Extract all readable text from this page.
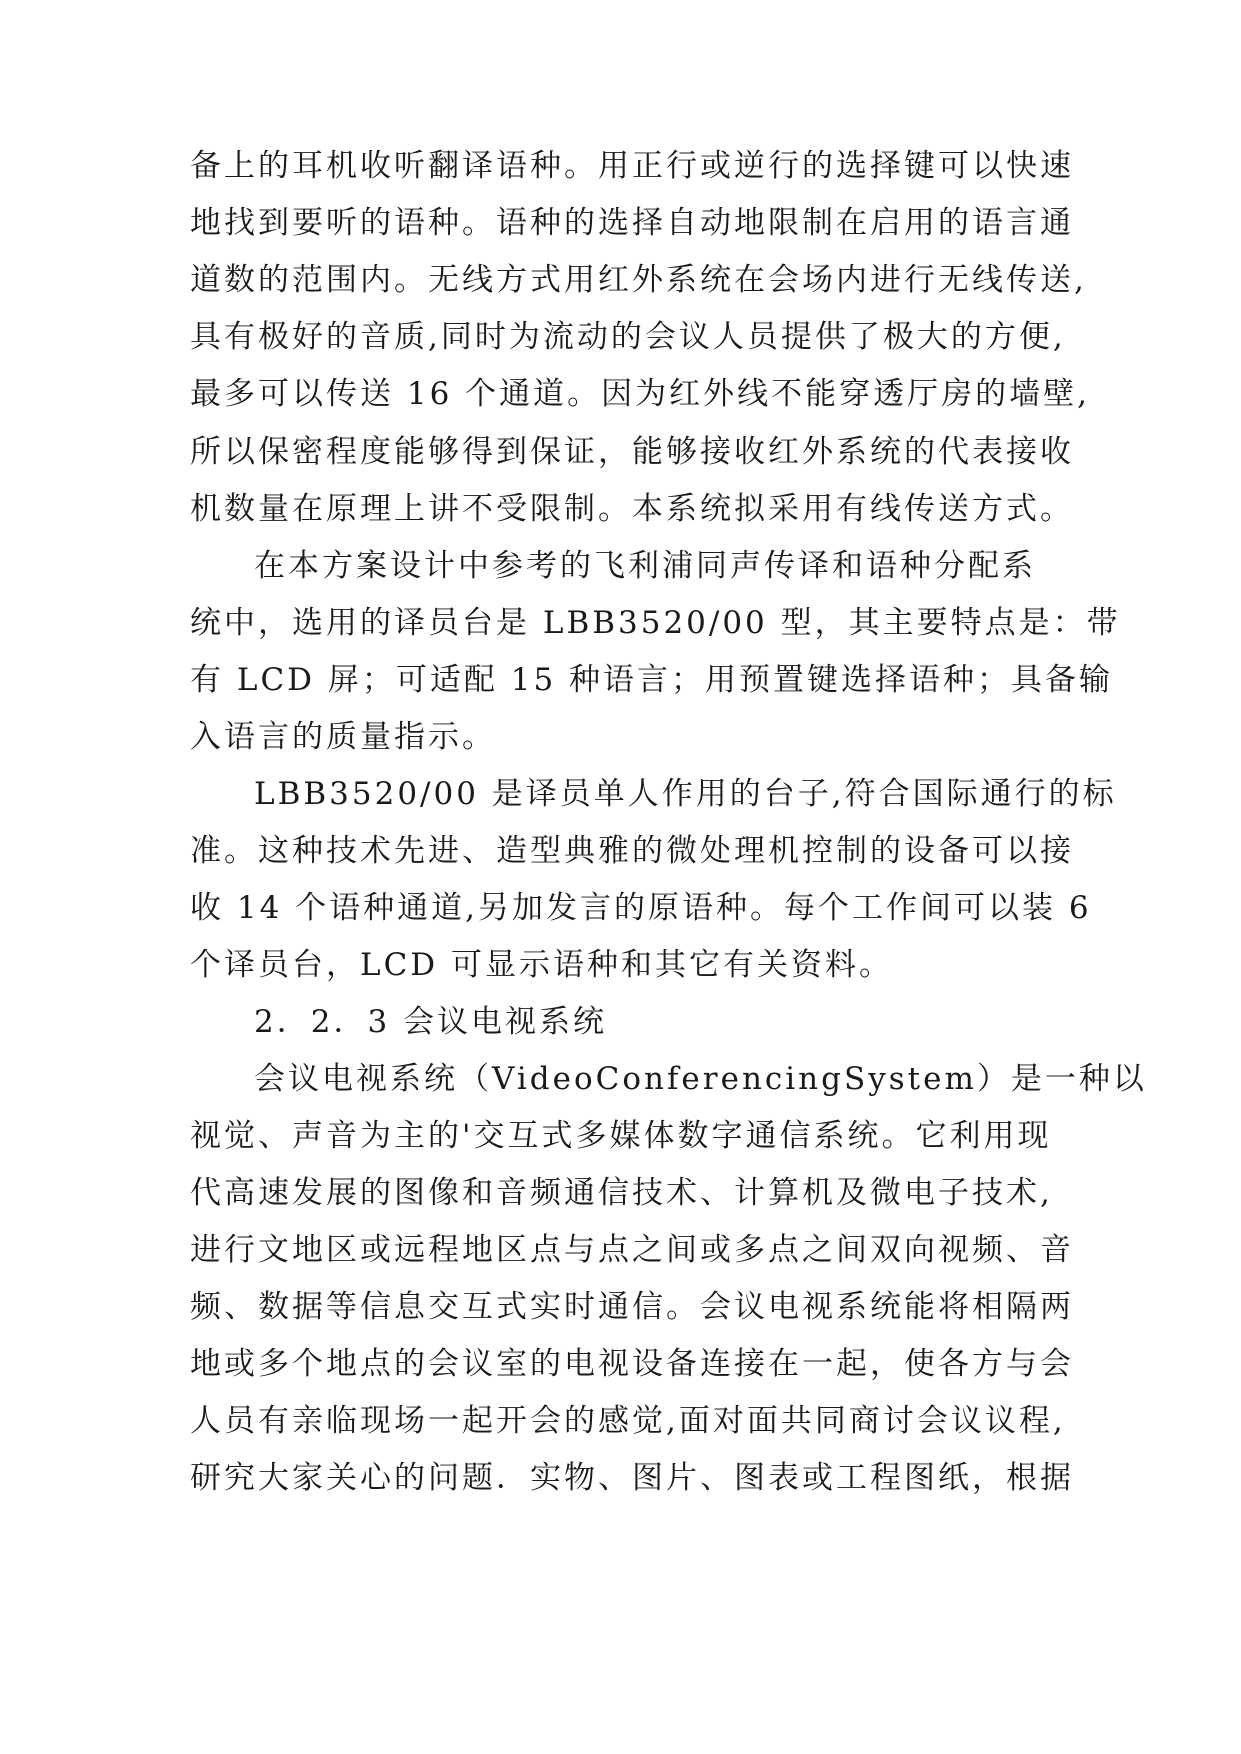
备上的耳机收听翻译语种。用正行或逆行的选择键可以快速

地找到要听的语种。语种的选择自动地限制在启用的语言通

道数的范围内。无线方式用红外系统在会场内进行无线传送,

具有极好的音质,同时为流动的会议人员提供了极大的方便,

最多可以传送 16 个通道。因为红外线不能穿透厅房的墙壁,

所以保密程度能够得到保证，能够接收红外系统的代表接收

机数量在原理上讲不受限制。本系统拟采用有线传送方式。

在本方案设计中参考的飞利浦同声传译和语种分配系

统中，选用的译员台是 LBB3520/00 型，其主要特点是：带

有 LCD 屏；可适配 15 种语言；用预置键选择语种；具备输

入语言的质量指示。

LBB3520/00 是译员单人作用的台子,符合国际通行的标

准。这种技术先进、造型典雅的微处理机控制的设备可以接

收 14 个语种通道,另加发言的原语种。每个工作间可以装 6

个译员台，LCD 可显示语种和其它有关资料。

2．2．3 会议电视系统

会议电视系统（VideoConferencingSystem）是一种以

视觉、声音为主的'交互式多媒体数字通信系统。它利用现

代高速发展的图像和音频通信技术、计算机及微电子技术,

进行文地区或远程地区点与点之间或多点之间双向视频、音

频、数据等信息交互式实时通信。会议电视系统能将相隔两

地或多个地点的会议室的电视设备连接在一起，使各方与会

人员有亲临现场一起开会的感觉,面对面共同商讨会议议程,

研究大家关心的问题．实物、图片、图表或工程图纸，根据
